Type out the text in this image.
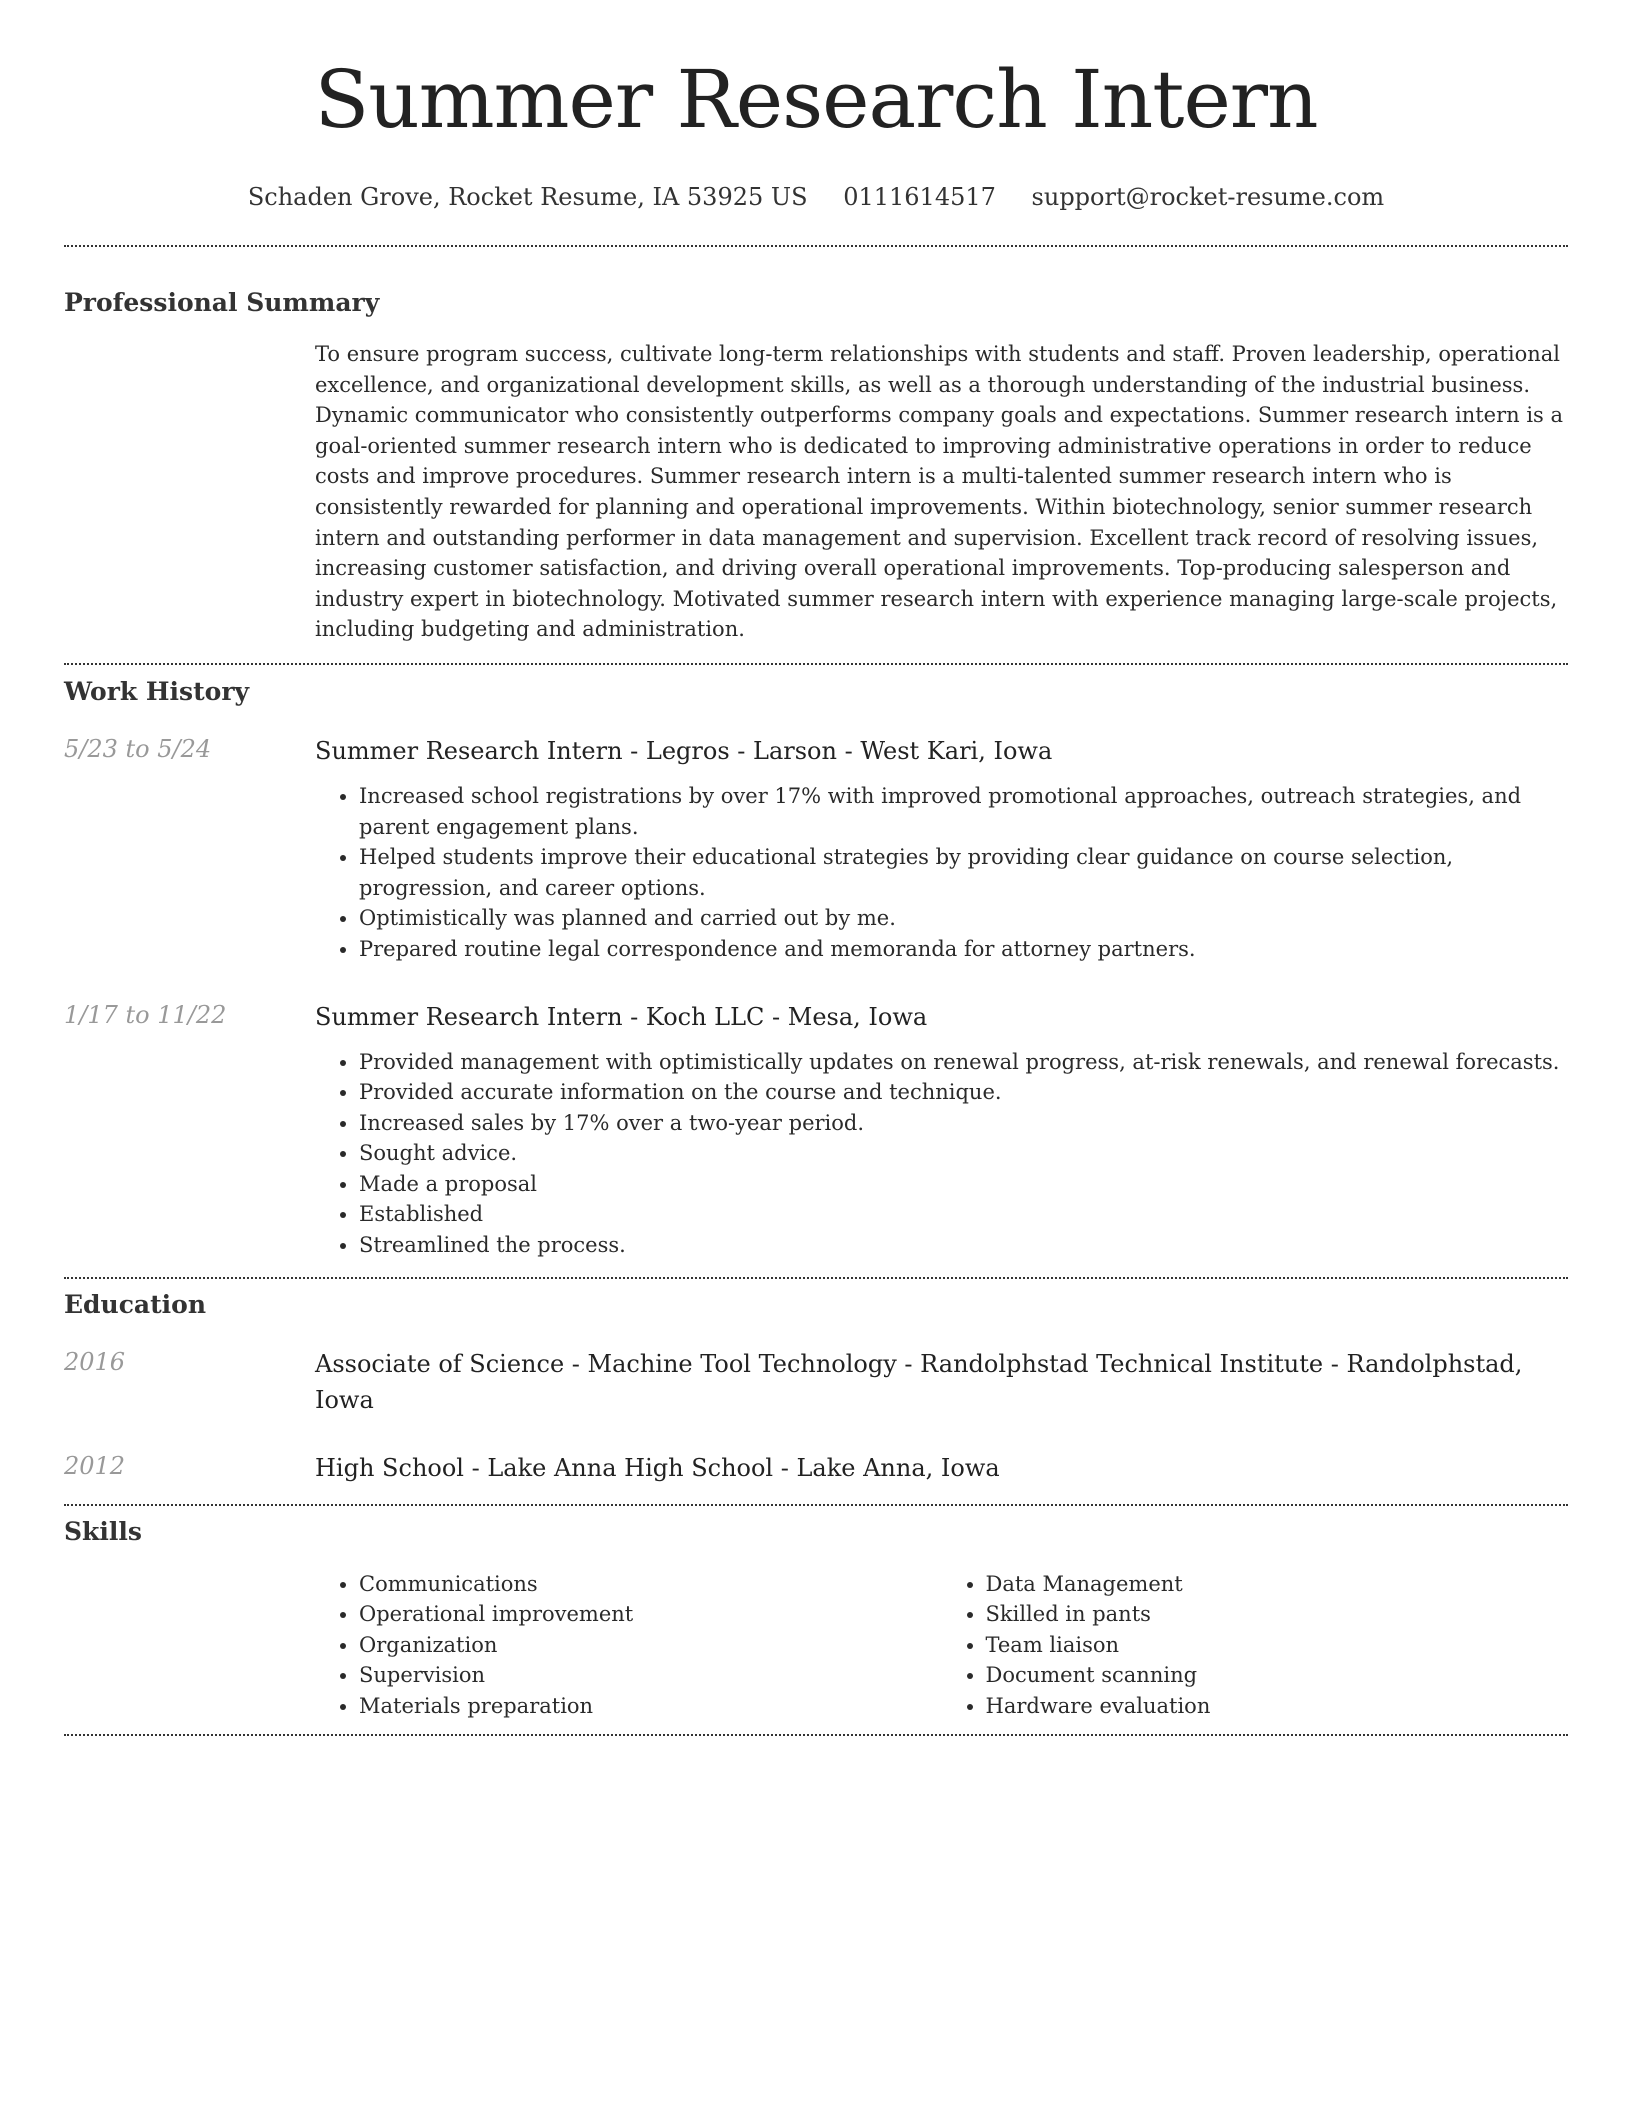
Summer Research Intern
Schaden Grove, Rocket Resume, IA 53925 US 0111614517 support@rocket-resume.com
Professional Summary

To ensure program success, cultivate long-term relationships with students and staff. Proven leadership, operational excellence, and organizational development skills, as well as a thorough understanding of the industrial business. Dynamic communicator who consistently outperforms company goals and expectations. Summer research intern is a goal-oriented summer research intern who is dedicated to improving administrative operations in order to reduce costs and improve procedures. Summer research intern is a multi-talented summer research intern who is consistently rewarded for planning and operational improvements. Within biotechnology, senior summer research intern and outstanding performer in data management and supervision. Excellent track record of resolving issues, increasing customer satisfaction, and driving overall operational improvements. Top-producing salesperson and industry expert in biotechnology. Motivated summer research intern with experience managing large-scale projects, including budgeting and administration.

Work History
5/23 to 5/24	Summer Research Intern - Legros - Larson - West Kari, Iowa
• Increased school registrations by over 17% with improved promotional approaches, outreach strategies, and parent engagement plans.
• Helped students improve their educational strategies by providing clear guidance on course selection, progression, and career options.
• Optimistically was planned and carried out by me.
• Prepared routine legal correspondence and memoranda for attorney partners.
1/17 to 11/22	Summer Research Intern - Koch LLC - Mesa, Iowa
• Provided management with optimistically updates on renewal progress, at-risk renewals, and renewal forecasts.
• Provided accurate information on the course and technique.
• Increased sales by 17% over a two-year period.
• Sought advice.
• Made a proposal
• Established
• Streamlined the process.
Education
2016	Associate of Science - Machine Tool Technology - Randolphstad Technical Institute - Randolphstad, Iowa
2012	High School - Lake Anna High School - Lake Anna, Iowa
Skills
• Communications
• Operational improvement
• Organization
• Supervision
• Materials preparation
• Data Management
• Skilled in pants
• Team liaison
• Document scanning
• Hardware evaluation
